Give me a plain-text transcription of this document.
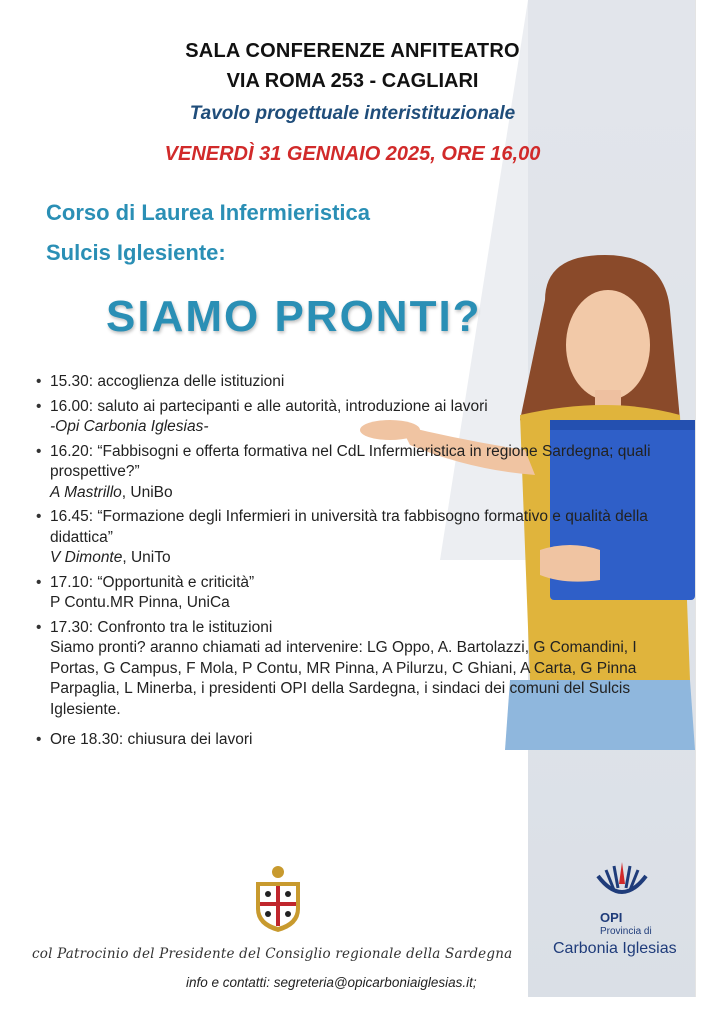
SALA CONFERENZE ANFITEATRO
VIA ROMA 253 - CAGLIARI
Tavolo progettuale interistituzionale
VENERDÌ 31 GENNAIO 2025, ORE 16,00
Corso di Laurea Infermieristica
Sulcis Iglesiente:
SIAMO PRONTI?
• 15.30: accoglienza delle istituzioni
• 16.00: saluto ai partecipanti e alle autorità, introduzione ai lavori
-Opi Carbonia Iglesias-
• 16.20: “Fabbisogni e offerta formativa nel CdL Infermieristica in regione Sardegna; quali prospettive?”
A Mastrillo, UniBo
• 16.45: “Formazione degli Infermieri in università tra fabbisogno formativo e qualità della didattica”
V Dimonte, UniTo
• 17.10: “Opportunità e criticità”
P Contu.MR Pinna, UniCa
• 17.30: Confronto tra le istituzioni
Siamo pronti? aranno chiamati ad intervenire: LG Oppo, A. Bartolazzi, G Comandini, I Portas, G Campus, F Mola, P Contu, MR Pinna, A Pilurzu, C Ghiani, A Carta, G Pinna Parpaglia, L Minerba, i presidenti OPI della Sardegna, i sindaci dei comuni del Sulcis Iglesiente.
• Ore 18.30: chiusura dei lavori
col Patrocinio del Presidente del Consiglio regionale della Sardegna
info e contatti: segreteria@opicarboniaiglesias.it;
OPI
Provincia di
Carbonia Iglesias
